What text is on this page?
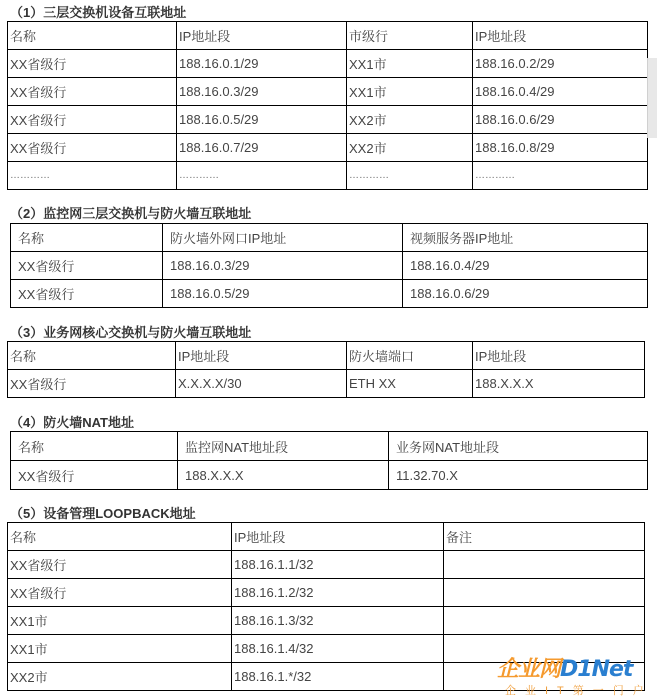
（1）三层交换机设备互联地址
名称	IP地址段	市级行	IP地址段
XX省级行	188.16.0.1/29	XX1市	188.16.0.2/29
XX省级行	188.16.0.3/29	XX1市	188.16.0.4/29
XX省级行	188.16.0.5/29	XX2市	188.16.0.6/29
XX省级行	188.16.0.7/29	XX2市	188.16.0.8/29
…………	…………	…………	…………
（2）监控网三层交换机与防火墙互联地址
名称	防火墙外网口IP地址	视频服务器IP地址
XX省级行	188.16.0.3/29	188.16.0.4/29
XX省级行	188.16.0.5/29	188.16.0.6/29
（3）业务网核心交换机与防火墙互联地址
名称	IP地址段	防火墙端口	IP地址段
XX省级行	X.X.X.X/30	ETH XX	188.X.X.X
（4）防火墙NAT地址
名称	监控网NAT地址段	业务网NAT地址段
XX省级行	188.X.X.X	11.32.70.X
（5）设备管理LOOPBACK地址
名称	IP地址段	备注
XX省级行	188.16.1.1/32	
XX省级行	188.16.1.2/32	
XX1市	188.16.1.3/32	
XX1市	188.16.1.4/32	
XX2市	188.16.1.*/32		企业网D1Net
企业IT第一门户
